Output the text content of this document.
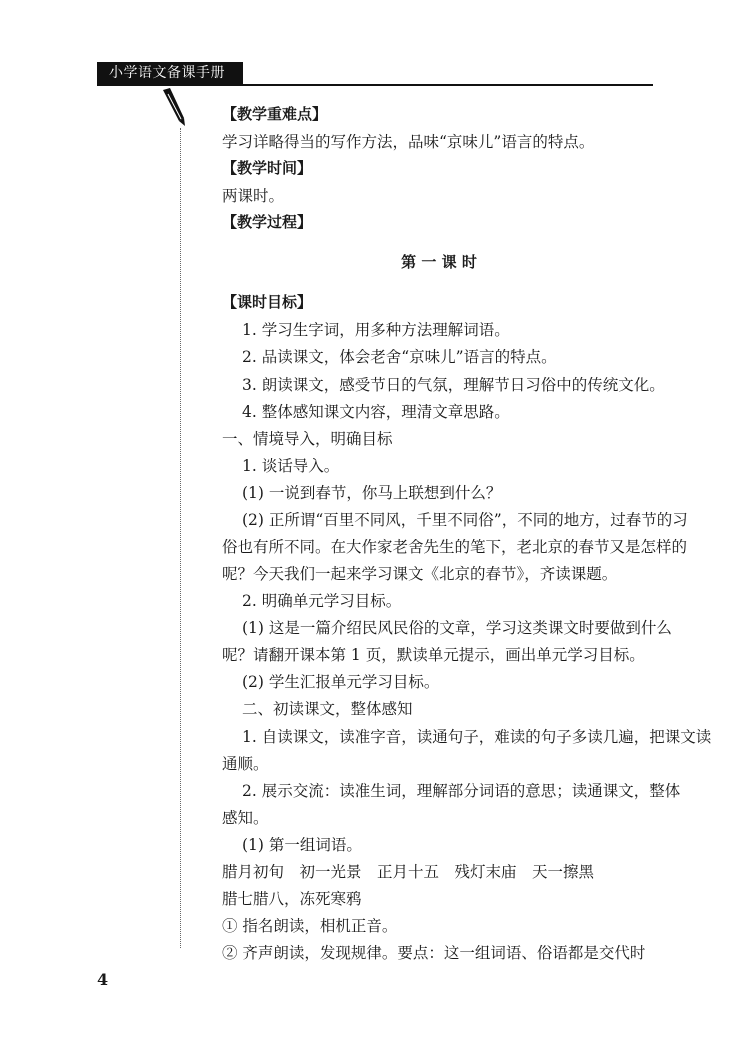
小学语文备课手册
【教学重难点】
学习详略得当的写作方法，品味“京味儿”语言的特点。
【教学时间】
两课时。
【教学过程】
第 一 课 时
【课时目标】
1. 学习生字词，用多种方法理解词语。
2. 品读课文，体会老舍“京味儿”语言的特点。
3. 朗读课文，感受节日的气氛，理解节日习俗中的传统文化。
4. 整体感知课文内容，理清文章思路。
一、情境导入，明确目标
1. 谈话导入。
(1) 一说到春节，你马上联想到什么？
(2) 正所谓“百里不同风，千里不同俗”，不同的地方，过春节的习
俗也有所不同。在大作家老舍先生的笔下，老北京的春节又是怎样的
呢？今天我们一起来学习课文《北京的春节》，齐读课题。
2. 明确单元学习目标。
(1) 这是一篇介绍民风民俗的文章，学习这类课文时要做到什么
呢？请翻开课本第 1 页，默读单元提示，画出单元学习目标。
(2) 学生汇报单元学习目标。
二、初读课文，整体感知
1. 自读课文，读准字音，读通句子，难读的句子多读几遍，把课文读
通顺。
2. 展示交流：读准生词，理解部分词语的意思；读通课文，整体
感知。
(1) 第一组词语。
腊月初旬　初一光景　正月十五　残灯末庙　天一擦黑
腊七腊八，冻死寒鸦
① 指名朗读，相机正音。
② 齐声朗读，发现规律。要点：这一组词语、俗语都是交代时
4
